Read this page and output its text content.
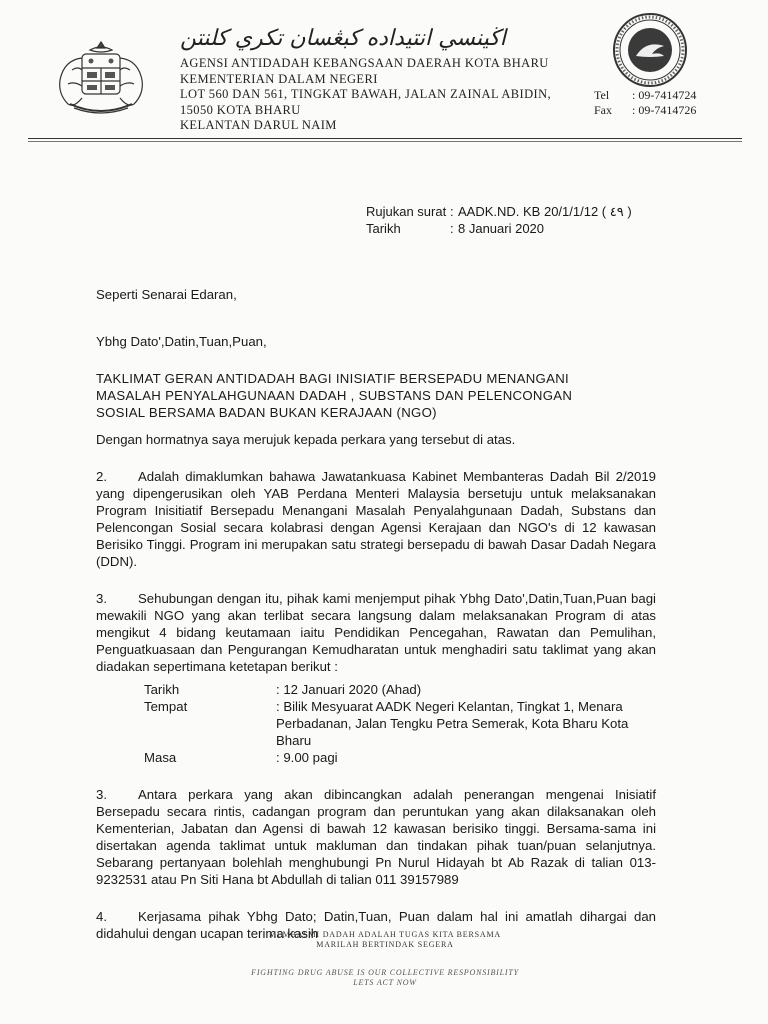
اڬينسي انتيداده كبڠسان تكري كلنتن
AGENSI ANTIDADAH KEBANGSAAN DAERAH KOTA BHARU
KEMENTERIAN DALAM NEGERI
LOT 560 DAN 561, TINGKAT BAWAH, JALAN ZAINAL ABIDIN,
15050 KOTA BHARU
KELANTAN DARUL NAIM
Tel	: 09-7414724
Fax	: 09-7414726
Rujukan surat : AADK.ND. KB 20/1/1/12 ( ٤٩ )
Tarikh	: 8 Januari 2020
Seperti Senarai Edaran,
Ybhg Dato',Datin,Tuan,Puan,
TAKLIMAT GERAN ANTIDADAH BAGI INISIATIF BERSEPADU MENANGANI
MASALAH PENYALAHGUNAAN DADAH , SUBSTANS DAN PELENCONGAN
SOSIAL BERSAMA BADAN BUKAN KERAJAAN (NGO)
Dengan hormatnya saya merujuk kepada perkara yang tersebut di atas.
2. Adalah dimaklumkan bahawa Jawatankuasa Kabinet Membanteras Dadah Bil 2/2019 yang dipengerusikan oleh YAB Perdana Menteri Malaysia bersetuju untuk melaksanakan Program Inisitiatif Bersepadu Menangani Masalah Penyalahgunaan Dadah, Substans dan Pelencongan Sosial secara kolabrasi dengan Agensi Kerajaan dan NGO's di 12 kawasan Berisiko Tinggi. Program ini merupakan satu strategi bersepadu di bawah Dasar Dadah Negara (DDN).
3. Sehubungan dengan itu, pihak kami menjemput pihak Ybhg Dato',Datin,Tuan,Puan bagi mewakili NGO yang akan terlibat secara langsung dalam melaksanakan Program di atas mengikut 4 bidang keutamaan iaitu Pendidikan Pencegahan, Rawatan dan Pemulihan, Penguatkuasaan dan Pengurangan Kemudharatan untuk menghadiri satu taklimat yang akan diadakan sepertimana ketetapan berikut :
Tarikh	: 12 Januari 2020 (Ahad)
Tempat	: Bilik Mesyuarat AADK Negeri Kelantan, Tingkat 1, Menara Perbadanan, Jalan Tengku Petra Semerak, Kota Bharu Kota Bharu
Masa	: 9.00 pagi
3. Antara perkara yang akan dibincangkan adalah penerangan mengenai Inisiatif Bersepadu secara rintis, cadangan program dan peruntukan yang akan dilaksanakan oleh Kementerian, Jabatan dan Agensi di bawah 12 kawasan berisiko tinggi. Bersama-sama ini disertakan agenda taklimat untuk makluman dan tindakan pihak tuan/puan selanjutnya. Sebarang pertanyaan bolehlah menghubungi Pn Nurul Hidayah bt Ab Razak di talian 013-9232531 atau Pn Siti Hana bt Abdullah di talian 011 39157989
4. Kerjasama pihak Ybhg Dato; Datin,Tuan, Puan dalam hal ini amatlah dihargai dan didahului dengan ucapan terima kasih
MEMBASMI DADAH ADALAH TUGAS KITA BERSAMA
MARILAH BERTINDAK SEGERA
FIGHTING DRUG ABUSE IS OUR COLLECTIVE RESPONSIBILITY
LETS ACT NOW
